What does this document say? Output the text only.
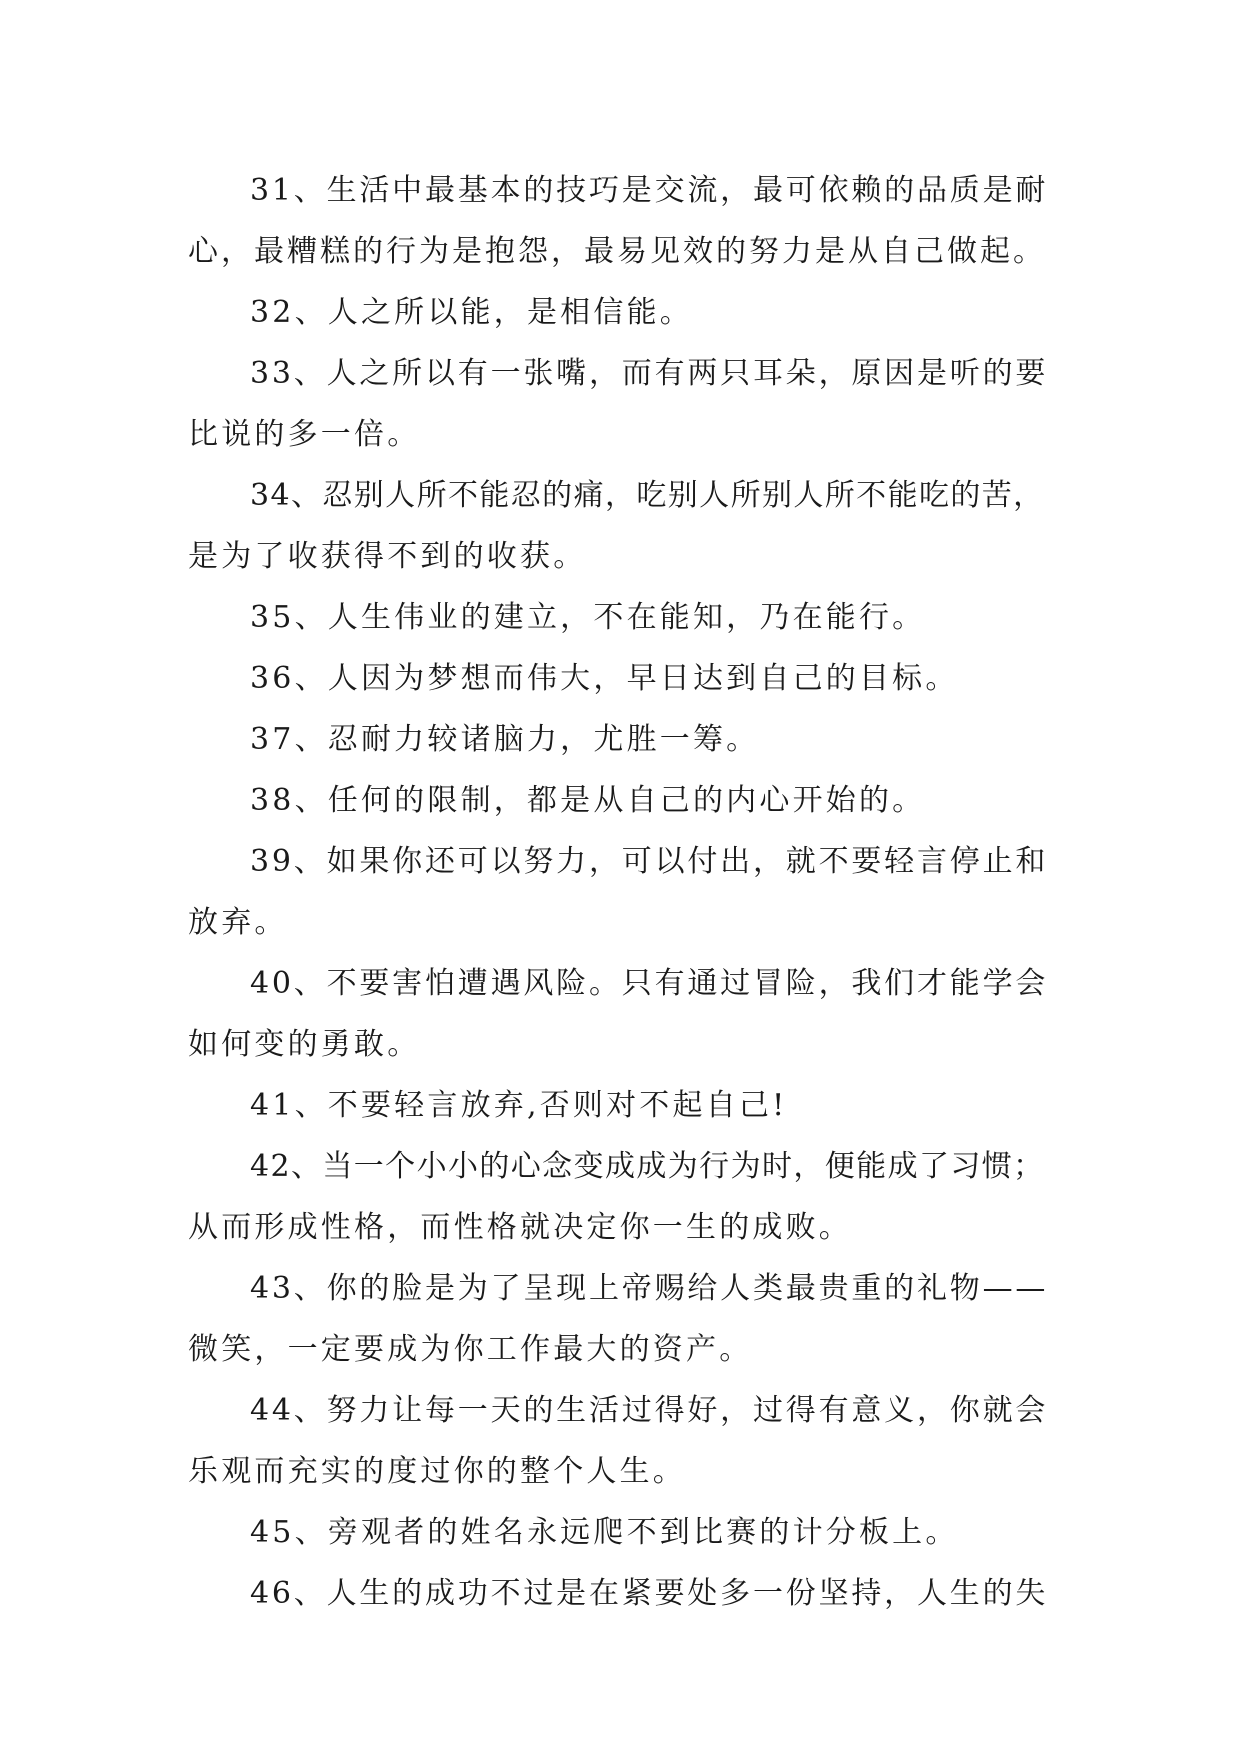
31、生活中最基本的技巧是交流，最可依赖的品质是耐
心，最糟糕的行为是抱怨，最易见效的努力是从自己做起。
32、人之所以能，是相信能。
33、人之所以有一张嘴，而有两只耳朵，原因是听的要
比说的多一倍。
34、忍别人所不能忍的痛，吃别人所别人所不能吃的苦，
是为了收获得不到的收获。
35、人生伟业的建立，不在能知，乃在能行。
36、人因为梦想而伟大，早日达到自己的目标。
37、忍耐力较诸脑力，尤胜一筹。
38、任何的限制，都是从自己的内心开始的。
39、如果你还可以努力，可以付出，就不要轻言停止和
放弃。
40、不要害怕遭遇风险。只有通过冒险，我们才能学会
如何变的勇敢。
41、不要轻言放弃,否则对不起自己!
42、当一个小小的心念变成成为行为时，便能成了习惯；
从而形成性格，而性格就决定你一生的成败。
43、你的脸是为了呈现上帝赐给人类最贵重的礼物——
微笑，一定要成为你工作最大的资产。
44、努力让每一天的生活过得好，过得有意义，你就会
乐观而充实的度过你的整个人生。
45、旁观者的姓名永远爬不到比赛的计分板上。
46、人生的成功不过是在紧要处多一份坚持，人生的失
